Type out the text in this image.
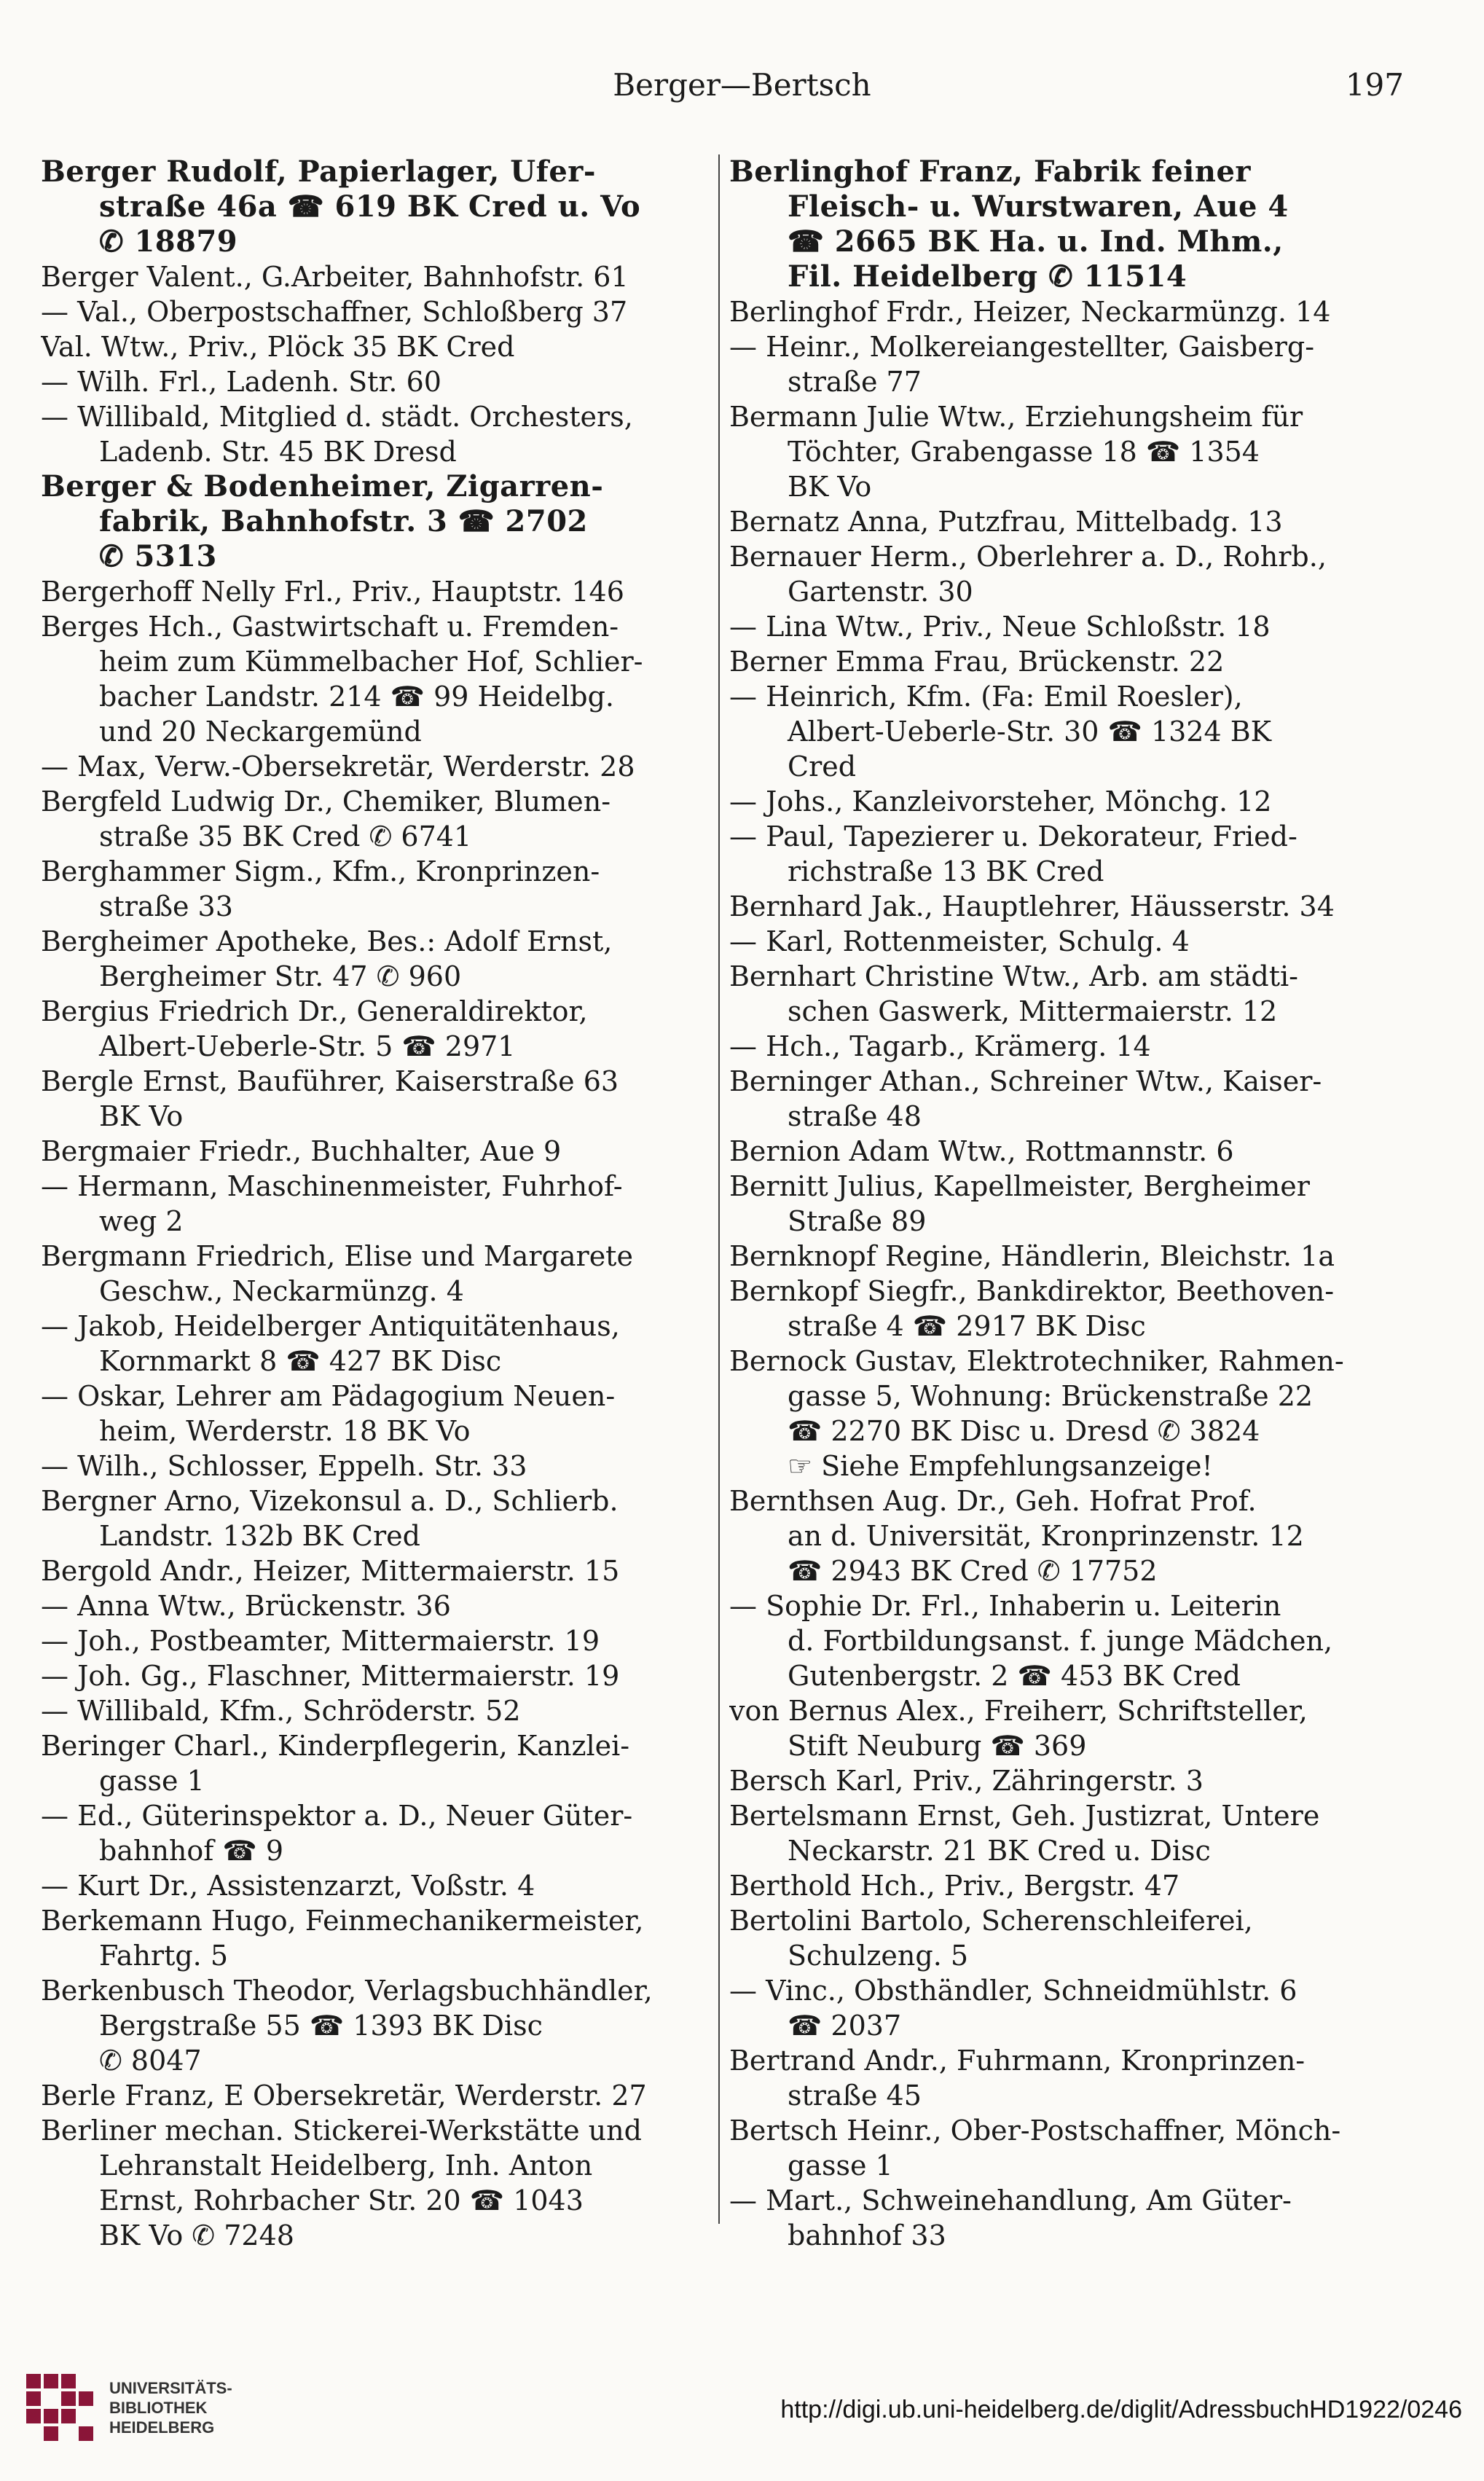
Berger—Bertsch	197
Berger Rudolf, Papierlager, Ufer-
straße 46a ☎ 619 BK Cred u. Vo
✆ 18879
Berger Valent., G.Arbeiter, Bahnhofstr. 61
— Val., Oberpostschaffner, Schloßberg 37
Val. Wtw., Priv., Plöck 35 BK Cred
— Wilh. Frl., Ladenh. Str. 60
— Willibald, Mitglied d. städt. Orchesters,
Ladenb. Str. 45 BK Dresd
Berger & Bodenheimer, Zigarren-
fabrik, Bahnhofstr. 3 ☎ 2702
✆ 5313
Bergerhoff Nelly Frl., Priv., Hauptstr. 146
Berges Hch., Gastwirtschaft u. Fremden-
heim zum Kümmelbacher Hof, Schlier-
bacher Landstr. 214 ☎ 99 Heidelbg.
und 20 Neckargemünd
— Max, Verw.-Obersekretär, Werderstr. 28
Bergfeld Ludwig Dr., Chemiker, Blumen-
straße 35 BK Cred ✆ 6741
Berghammer Sigm., Kfm., Kronprinzen-
straße 33
Bergheimer Apotheke, Bes.: Adolf Ernst,
Bergheimer Str. 47 ✆ 960
Bergius Friedrich Dr., Generaldirektor,
Albert-Ueberle-Str. 5 ☎ 2971
Bergle Ernst, Bauführer, Kaiserstraße 63
BK Vo
Bergmaier Friedr., Buchhalter, Aue 9
— Hermann, Maschinenmeister, Fuhrhof-
weg 2
Bergmann Friedrich, Elise und Margarete
Geschw., Neckarmünzg. 4
— Jakob, Heidelberger Antiquitätenhaus,
Kornmarkt 8 ☎ 427 BK Disc
— Oskar, Lehrer am Pädagogium Neuen-
heim, Werderstr. 18 BK Vo
— Wilh., Schlosser, Eppelh. Str. 33
Bergner Arno, Vizekonsul a. D., Schlierb.
Landstr. 132b BK Cred
Bergold Andr., Heizer, Mittermaierstr. 15
— Anna Wtw., Brückenstr. 36
— Joh., Postbeamter, Mittermaierstr. 19
— Joh. Gg., Flaschner, Mittermaierstr. 19
— Willibald, Kfm., Schröderstr. 52
Beringer Charl., Kinderpflegerin, Kanzlei-
gasse 1
— Ed., Güterinspektor a. D., Neuer Güter-
bahnhof ☎ 9
— Kurt Dr., Assistenzarzt, Voßstr. 4
Berkemann Hugo, Feinmechanikermeister,
Fahrtg. 5
Berkenbusch Theodor, Verlagsbuchhändler,
Bergstraße 55 ☎ 1393 BK Disc
✆ 8047
Berle Franz, E Obersekretär, Werderstr. 27
Berliner mechan. Stickerei-Werkstätte und
Lehranstalt Heidelberg, Inh. Anton
Ernst, Rohrbacher Str. 20 ☎ 1043
BK Vo ✆ 7248
Berlinghof Franz, Fabrik feiner
Fleisch- u. Wurstwaren, Aue 4
☎ 2665 BK Ha. u. Ind. Mhm.,
Fil. Heidelberg ✆ 11514
Berlinghof Frdr., Heizer, Neckarmünzg. 14
— Heinr., Molkereiangestellter, Gaisberg-
straße 77
Bermann Julie Wtw., Erziehungsheim für
Töchter, Grabengasse 18 ☎ 1354
BK Vo
Bernatz Anna, Putzfrau, Mittelbadg. 13
Bernauer Herm., Oberlehrer a. D., Rohrb.,
Gartenstr. 30
— Lina Wtw., Priv., Neue Schloßstr. 18
Berner Emma Frau, Brückenstr. 22
— Heinrich, Kfm. (Fa: Emil Roesler),
Albert-Ueberle-Str. 30 ☎ 1324 BK
Cred
— Johs., Kanzleivorsteher, Mönchg. 12
— Paul, Tapezierer u. Dekorateur, Fried-
richstraße 13 BK Cred
Bernhard Jak., Hauptlehrer, Häusserstr. 34
— Karl, Rottenmeister, Schulg. 4
Bernhart Christine Wtw., Arb. am städti-
schen Gaswerk, Mittermaierstr. 12
— Hch., Tagarb., Krämerg. 14
Berninger Athan., Schreiner Wtw., Kaiser-
straße 48
Bernion Adam Wtw., Rottmannstr. 6
Bernitt Julius, Kapellmeister, Bergheimer
Straße 89
Bernknopf Regine, Händlerin, Bleichstr. 1a
Bernkopf Siegfr., Bankdirektor, Beethoven-
straße 4 ☎ 2917 BK Disc
Bernock Gustav, Elektrotechniker, Rahmen-
gasse 5, Wohnung: Brückenstraße 22
☎ 2270 BK Disc u. Dresd ✆ 3824
☞ Siehe Empfehlungsanzeige!
Bernthsen Aug. Dr., Geh. Hofrat Prof.
an d. Universität, Kronprinzenstr. 12
☎ 2943 BK Cred ✆ 17752
— Sophie Dr. Frl., Inhaberin u. Leiterin
d. Fortbildungsanst. f. junge Mädchen,
Gutenbergstr. 2 ☎ 453 BK Cred
von Bernus Alex., Freiherr, Schriftsteller,
Stift Neuburg ☎ 369
Bersch Karl, Priv., Zähringerstr. 3
Bertelsmann Ernst, Geh. Justizrat, Untere
Neckarstr. 21 BK Cred u. Disc
Berthold Hch., Priv., Bergstr. 47
Bertolini Bartolo, Scherenschleiferei,
Schulzeng. 5
— Vinc., Obsthändler, Schneidmühlstr. 6
☎ 2037
Bertrand Andr., Fuhrmann, Kronprinzen-
straße 45
Bertsch Heinr., Ober-Postschaffner, Mönch-
gasse 1
— Mart., Schweinehandlung, Am Güter-
bahnhof 33
UNIVERSITÄTS-
BIBLIOTHEK
HEIDELBERG
http://digi.ub.uni-heidelberg.de/diglit/AdressbuchHD1922/0246
